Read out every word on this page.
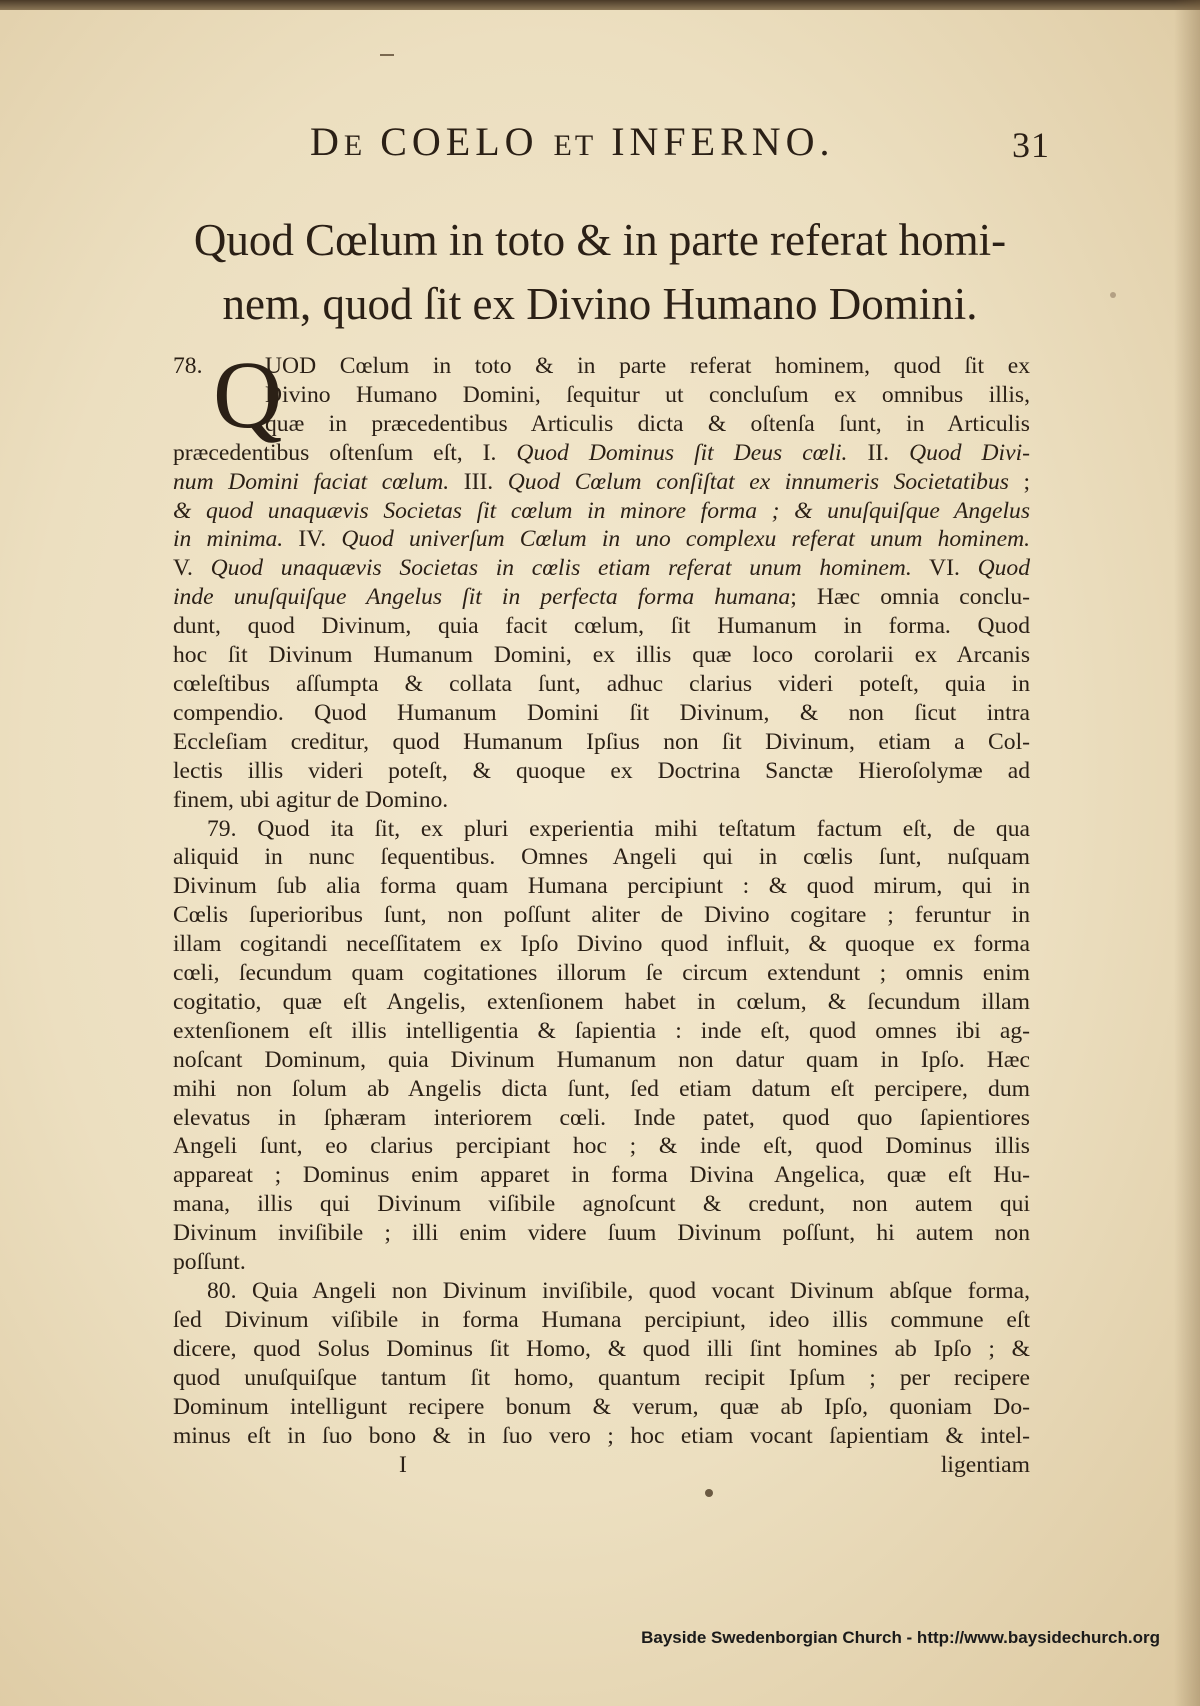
DE COELO ET INFERNO.	31
Quod Cœlum in toto & in parte referat homi-
nem, quod ſit ex Divino Humano Domini.
Q
78.	UOD Cœlum in toto & in parte referat hominem, quod ſit ex
Divino Humano Domini, ſequitur ut concluſum ex omnibus illis,
quæ in præcedentibus Articulis dicta & oſtenſa ſunt, in Articulis
præcedentibus oſtenſum eſt, I. Quod Dominus ſit Deus cœli. II. Quod Divi-
num Domini faciat cœlum. III. Quod Cœlum conſiſtat ex innumeris Societatibus ;
& quod unaquævis Societas ſit cœlum in minore forma ; & unuſquiſque Angelus
in minima. IV. Quod univerſum Cœlum in uno complexu referat unum hominem.
V. Quod unaquævis Societas in cœlis etiam referat unum hominem. VI. Quod
inde unuſquiſque Angelus ſit in perfecta forma humana; Hæc omnia conclu-
dunt, quod Divinum, quia facit cœlum, ſit Humanum in forma. Quod
hoc ſit Divinum Humanum Domini, ex illis quæ loco corolarii ex Arcanis
cœleſtibus aſſumpta & collata ſunt, adhuc clarius videri poteſt, quia in
compendio. Quod Humanum Domini ſit Divinum, & non ſicut intra
Eccleſiam creditur, quod Humanum Ipſius non ſit Divinum, etiam a Col-
lectis illis videri poteſt, & quoque ex Doctrina Sanctæ Hieroſolymæ ad
finem, ubi agitur de Domino.
79. Quod ita ſit, ex pluri experientia mihi teſtatum factum eſt, de qua
aliquid in nunc ſequentibus. Omnes Angeli qui in cœlis ſunt, nuſquam
Divinum ſub alia forma quam Humana percipiunt : & quod mirum, qui in
Cœlis ſuperioribus ſunt, non poſſunt aliter de Divino cogitare ; feruntur in
illam cogitandi neceſſitatem ex Ipſo Divino quod influit, & quoque ex forma
cœli, ſecundum quam cogitationes illorum ſe circum extendunt ; omnis enim
cogitatio, quæ eſt Angelis, extenſionem habet in cœlum, & ſecundum illam
extenſionem eſt illis intelligentia & ſapientia : inde eſt, quod omnes ibi ag-
noſcant Dominum, quia Divinum Humanum non datur quam in Ipſo. Hæc
mihi non ſolum ab Angelis dicta ſunt, ſed etiam datum eſt percipere, dum
elevatus in ſphæram interiorem cœli. Inde patet, quod quo ſapientiores
Angeli ſunt, eo clarius percipiant hoc ; & inde eſt, quod Dominus illis
appareat ; Dominus enim apparet in forma Divina Angelica, quæ eſt Hu-
mana, illis qui Divinum viſibile agnoſcunt & credunt, non autem qui
Divinum inviſibile ; illi enim videre ſuum Divinum poſſunt, hi autem non
poſſunt.
80. Quia Angeli non Divinum inviſibile, quod vocant Divinum abſque forma,
ſed Divinum viſibile in forma Humana percipiunt, ideo illis commune eſt
dicere, quod Solus Dominus ſit Homo, & quod illi ſint homines ab Ipſo ; &
quod unuſquiſque tantum ſit homo, quantum recipit Ipſum ; per recipere
Dominum intelligunt recipere bonum & verum, quæ ab Ipſo, quoniam Do-
minus eſt in ſuo bono & in ſuo vero ; hoc etiam vocant ſapientiam & intel-
I	ligentiam
Bayside Swedenborgian Church - http://www.baysidechurch.org
